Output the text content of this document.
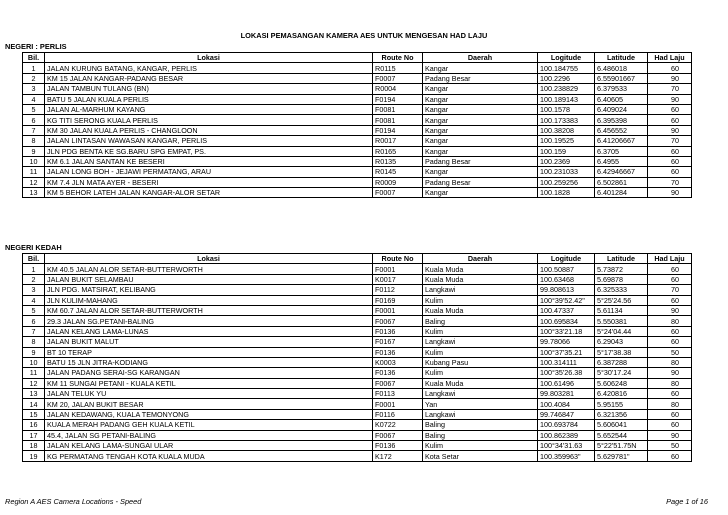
LOKASI PEMASANGAN KAMERA AES UNTUK MENGESAN HAD LAJU
NEGERI : PERLIS
Bil.	Lokasi	Route No	Daerah	Logitude	Latitude	Had Laju
1	JALAN KURUNG BATANG, KANGAR, PERLIS	R0115	Kangar	100.184755	6.486018	60
2	KM 15 JALAN KANGAR-PADANG BESAR	F0007	Padang Besar	100.2296	6.55901667	90
3	JALAN TAMBUN TULANG (BN)	R0004	Kangar	100.238829	6.379533	70
4	BATU 5 JALAN KUALA PERLIS	F0194	Kangar	100.189143	6.40605	90
5	JALAN AL-MARHUM KAYANG	F0081	Kangar	100.1578	6.409024	60
6	KG TITI SERONG KUALA PERLIS	F0081	Kangar	100.173383	6.395398	60
7	KM 30 JALAN KUALA PERLIS - CHANGLOON	F0194	Kangar	100.38208	6.456552	90
8	JALAN LINTASAN WAWASAN KANGAR, PERLIS	R0017	Kangar	100.19525	6.41206667	70
9	JLN PDG BENTA KE SG.BARU SPG EMPAT, PS.	R0165	Kangar	100.159	6.3705	60
10	KM 6.1 JALAN SANTAN KE BESERI	R0135	Padang Besar	100.2369	6.4955	60
11	JALAN LONG BOH - JEJAWI PERMATANG, ARAU	R0145	Kangar	100.231033	6.42946667	60
12	KM 7.4 JLN MATA AYER - BESERI	R0009	Padang Besar	100.259256	6.502861	70
13	KM 5 BEHOR LATEH JALAN KANGAR-ALOR SETAR	F0007	Kangar	100.1828	6.401284	90
NEGERI KEDAH
Bil.	Lokasi	Route No	Daerah	Logitude	Latitude	Had Laju
1	KM 40.5 JALAN ALOR SETAR-BUTTERWORTH	F0001	Kuala Muda	100.50887	5.73872	60
2	JALAN BUKIT SELAMBAU	K0017	Kuala Muda	100.63468	5.69878	60
3	JLN PDG. MATSIRAT, KELIBANG	F0112	Langkawi	99.808613	6.325333	70
4	JLN KULIM-MAHANG	F0169	Kulim	100°39'52.42"	5°25'24.56	60
5	KM 60.7 JALAN ALOR SETAR-BUTTERWORTH	F0001	Kuala Muda	100.47337	5.61134	90
6	29.3 JALAN SG.PETANI-BALING	F0067	Baling	100.695834	5.550381	80
7	JALAN KELANG LAMA-LUNAS	F0136	Kulim	100°33'21.18	5°24'04.44	60
8	JALAN BUKIT MALUT	F0167	Langkawi	99.78066	6.29043	60
9	BT 10 TERAP	F0136	Kulim	100°37'35.21	5°17'38.38	50
10	BATU 15 JLN JITRA-KODIANG	K0003	Kubang Pasu	100.314111	6.387288	80
11	JALAN PADANG SERAI-SG KARANGAN	F0136	Kulim	100°35'26.38	5°30'17.24	90
12	KM 11 SUNGAI PETANI - KUALA KETIL	F0067	Kuala Muda	100.61496	5.606248	80
13	JALAN TELUK YU	F0113	Langkawi	99.803281	6.420816	60
14	KM 20, JALAN BUKIT BESAR	F0001	Yan	100.4084	5.95155	80
15	JALAN KEDAWANG, KUALA TEMONYONG	F0116	Langkawi	99.746847	6.321356	60
16	KUALA MERAH PADANG GEH KUALA KETIL	K0722	Baling	100.693784	5.606041	60
17	45.4, JALAN SG PETANI-BALING	F0067	Baling	100.862389	5.652544	90
18	JALAN KELANG LAMA-SUNGAI ULAR	F0136	Kulim	100°34'31.63	5°22'51.75N	50
19	KG PERMATANG TENGAH KOTA KUALA MUDA	K172	Kota Setar	100.359963"	5.629781"	60
Region A AES Camera Locations - Speed	Page 1 of 16
